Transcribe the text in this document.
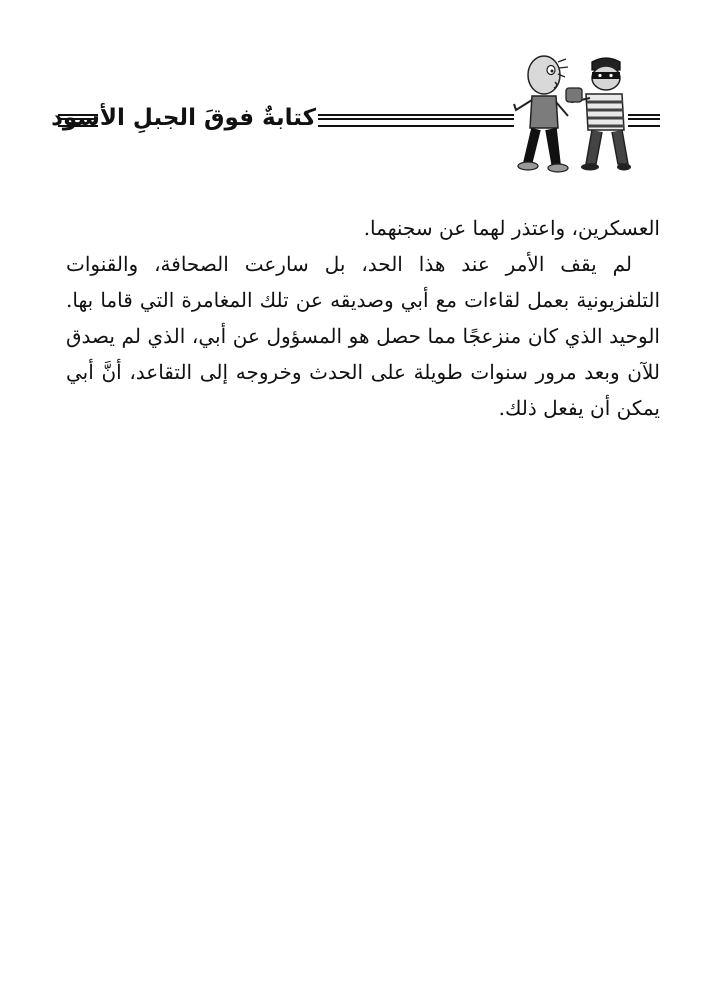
كتابةٌ فوقَ الجبلِ الأسود

العسكرين، واعتذر لهما عن سجنهما.

لم يقف الأمر عند هذا الحد، بل سارعت الصحافة، والقنوات التلفزيونية بعمل لقاءات مع أبي وصديقه عن تلك المغامرة التي قاما بها. الوحيد الذي كان منزعجًا مما حصل هو المسؤول عن أبي، الذي لم يصدق للآن وبعد مرور سنوات طويلة على الحدث وخروجه إلى التقاعد، أنَّ أبي يمكن أن يفعل ذلك.
